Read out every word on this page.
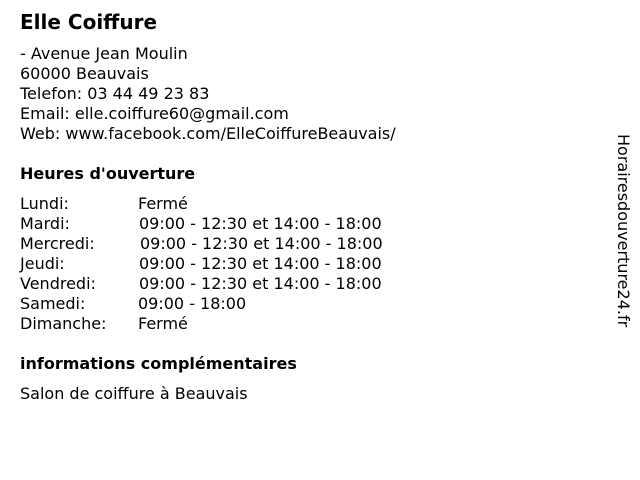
Elle Coiffure
- Avenue Jean Moulin
60000 Beauvais
Telefon: 03 44 49 23 83
Email: elle.coiffure60@gmail.com
Web: www.facebook.com/ElleCoiffureBeauvais/
Heures d'ouverture
Lundi:	Fermé
Mardi:	09:00 - 12:30 et 14:00 - 18:00
Mercredi:	09:00 - 12:30 et 14:00 - 18:00
Jeudi:	09:00 - 12:30 et 14:00 - 18:00
Vendredi:	09:00 - 12:30 et 14:00 - 18:00
Samedi:	09:00 - 18:00
Dimanche: Fermé
informations complémentaires
Salon de coiffure à Beauvais
Horairesdouverture24.fr
